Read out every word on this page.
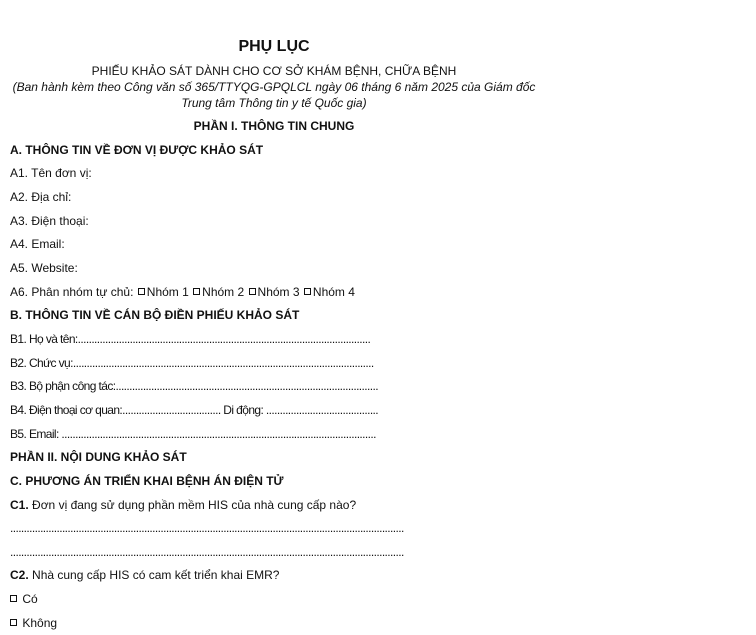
PHỤ LỤC
PHIẾU KHẢO SÁT DÀNH CHO CƠ SỞ KHÁM BỆNH, CHỮA BỆNH
(Ban hành kèm theo Công văn số 365/TTYQG-GPQLCL ngày 06 tháng 6 năm 2025 của Giám đốc
Trung tâm Thông tin y tế Quốc gia)
PHẦN I. THÔNG TIN CHUNG
A. THÔNG TIN VỀ ĐƠN VỊ ĐƯỢC KHẢO SÁT
A1. Tên đơn vị:
A2. Địa chỉ:
A3. Điện thoại:
A4. Email:
A5. Website:
A6. Phân nhóm tự chủ: Nhóm 1 Nhóm 2 Nhóm 3 Nhóm 4
B. THÔNG TIN VỀ CÁN BỘ ĐIỀN PHIẾU KHẢO SÁT
B1. Họ và tên:...........................................................................................................
B2. Chức vụ:..............................................................................................................
B3. Bộ phận công tác:................................................................................................
B4. Điện thoại cơ quan:.................................... Di động: .........................................
B5. Email: ...................................................................................................................
PHẦN II. NỘI DUNG KHẢO SÁT
C. PHƯƠNG ÁN TRIỂN KHAI BỆNH ÁN ĐIỆN TỬ
C1. Đơn vị đang sử dụng phần mềm HIS của nhà cung cấp nào?
................................................................................................................................................
................................................................................................................................................
C2. Nhà cung cấp HIS có cam kết triển khai EMR?
Có
Không
